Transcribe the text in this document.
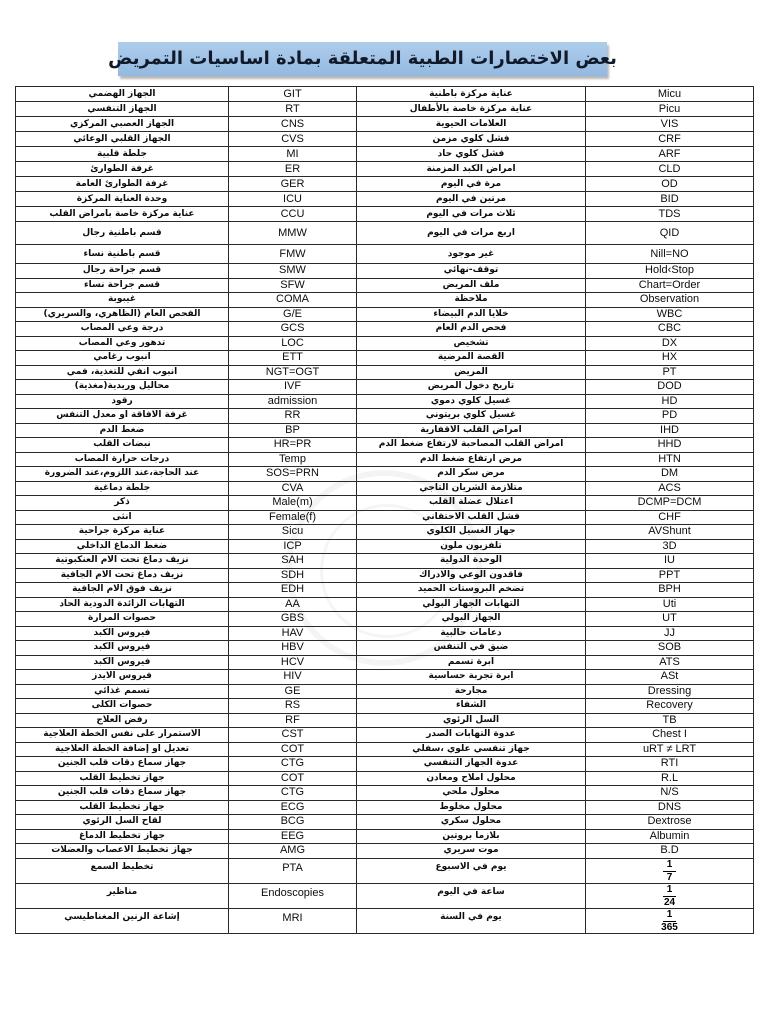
بعض الاختصارات الطبية المتعلقة بمادة اساسيات التمريض
الجهاز الهضمي	GIT	عناية مركزة باطنية	Micu
الجهاز التنفسي	RT	عناية مركزة خاصة بالأطفال	Picu
الجهاز العصبي المركزي	CNS	العلامات الحيوية	VIS
الجهاز القلبي الوعائي	CVS	فشل كلوي مزمن	CRF
جلطة قلبية	MI	فشل كلوي حاد	ARF
غرفة الطوارئ	ER	امراض الكبد المزمنة	CLD
غرفة الطوارئ العامة	GER	مرة في اليوم	OD
وحدة العناية المركزة	ICU	مرتين في اليوم	BID
عناية مركزة خاصة بامراض القلب	CCU	ثلاث مرات في اليوم	TDS
قسم باطنية رجال	MMW	اربع مرات في اليوم	QID
قسم باطنية نساء	FMW	غير موجود	Nill=NO
قسم جراحة رجال	SMW	توقف-نهائي	Hold‹Stop
قسم جراحة نساء	SFW	ملف المريض	Chart=Order
غيبوبة	COMA	ملاحظة	Observation
الفحص العام (الظاهري، والسريري)	G/E	خلايا الدم البيضاء	WBC
درجة وعي المصاب	GCS	فحص الدم العام	CBC
تدهور وعي المصاب	LOC	تشخيص	DX
انبوب رغامي	ETT	القصة المرضية	HX
انبوب انفي للتغذية، فمي	NGT=OGT	المريض	PT
محاليل وريدية(مغذية)	IVF	تاريخ دخول المريض	DOD
رقود	admission	غسيل كلوي دموي	HD
غرفة الافاقة او معدل التنفس	RR	غسيل كلوي بريتوني	PD
ضغط الدم	BP	امراض القلب الاقفارية	IHD
نبضات القلب	HR=PR	امراض القلب المصاحبة لارتفاع ضغط الدم	HHD
درجات حرارة المصاب	Temp	مرض ارتفاع ضغط الدم	HTN
عند الحاجة،عند اللزوم،عند الضرورة	SOS=PRN	مرض سكر الدم	DM
جلطة دماغية	CVA	متلازمة الشريان التاجي	ACS
ذكر	Male(m)	اعتلال عضلة القلب	DCMP=DCM
انثى	Female(f)	فشل القلب الاحتقاني	CHF
عناية مركزة جراحية	Sicu	جهاز الغسيل الكلوي	AVShunt
ضغط الدماغ الداخلي	ICP	تلفزيون ملون	3D
نزيف دماغ تحت الام العنكبوتية	SAH	الوحدة الدولية	IU
نزيف دماغ تحت الام الجافية	SDH	فاقدون الوعي والادراك	PPT
نزيف فوق الام الجافية	EDH	تضخم البروستات الحميد	BPH
التهابات الزائدة الدودية الحاد	AA	التهابات الجهاز البولي	Uti
حصوات المرارة	GBS	الجهاز البولي	UT
فيروس الكبد	HAV	دعامات حالبية	JJ
فيروس الكبد	HBV	ضيق في التنفس	SOB
فيروس الكبد	HCV	ابرة تسمم	ATS
فيروس الايدز	HIV	ابرة تجربة حساسية	ASt
تسمم غذائي	GE	مجارحة	Dressing
حصوات الكلى	RS	الشفاء	Recovery
رفض العلاج	RF	السل الرئوي	TB
الاستمرار على نفس الخطة العلاجية	CST	عدوة التهابات الصدر	Chest I
تعديل او إضافة الخطة العلاجية	COT	جهاز تنفسي علوي ،سفلي	uRT ≠ LRT
جهاز سماع دقات قلب الجنين	CTG	عدوة الجهاز التنفسي	RTI
جهاز تخطيط القلب	COT	محلول املاح ومعادن	R.L
جهاز سماع دقات قلب الجنين	CTG	محلول ملحي	N/S
جهاز تخطيط القلب	ECG	محلول مخلوط	DNS
لقاح السل الرئوي	BCG	محلول سكري	Dextrose
جهاز تخطيط الدماغ	EEG	بلازما بروتين	Albumin
جهاز تخطيط الاعصاب والعضلات	AMG	موت سريري	B.D
تخطيط السمع	PTA	يوم في الاسبوع	$\frac{1}{7}$

مناظير	Endoscopies	ساعة في اليوم	$\frac{1}{24}$

إشاعة الرنين المغناطيسي	MRI	يوم في السنة	$\frac{1}{365}$
